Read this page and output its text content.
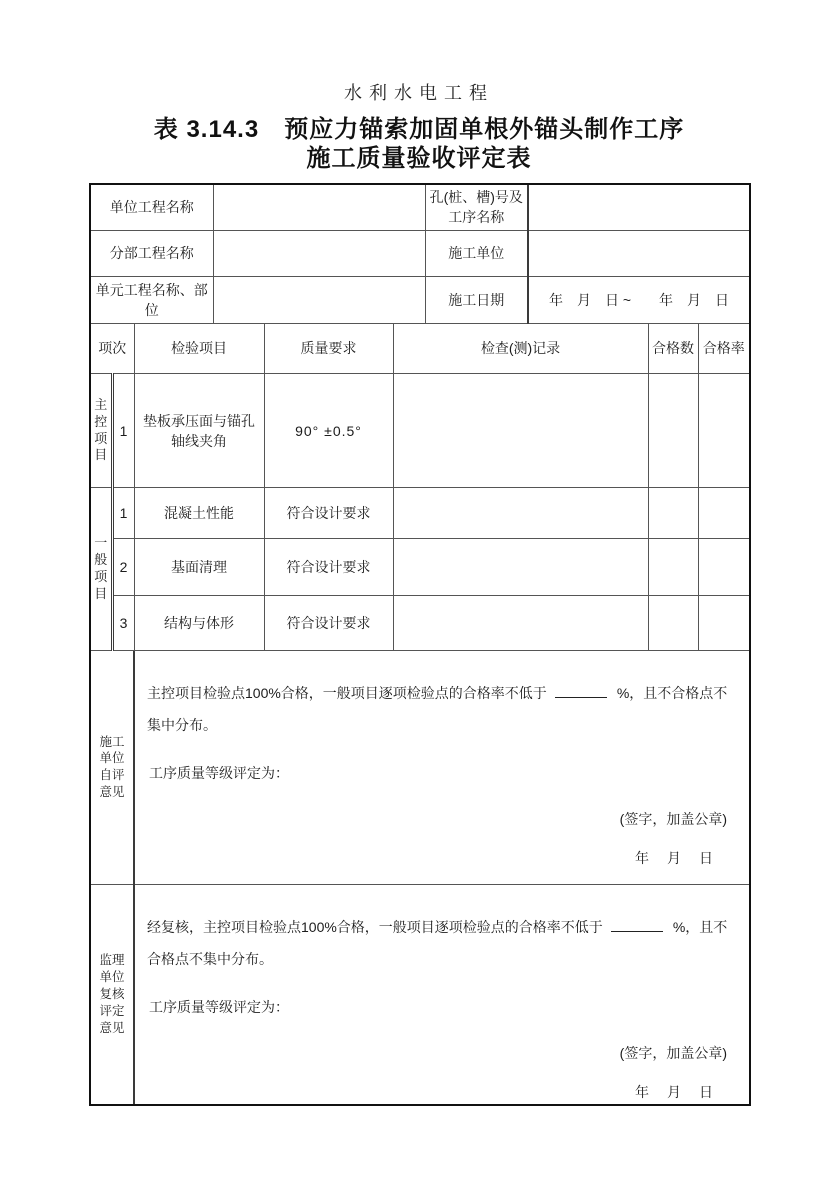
水利水电工程
表 3.14.3　预应力锚索加固单根外锚头制作工序
施工质量验收评定表
单位工程名称		孔(桩、槽)号及工序名称	
分部工程名称		施工单位	
单元工程名称、部位		施工日期	年　月　日 ~　　年　月　日
项次		检验项目	质量要求	检查(测)记录	合格数	合格率
主控项目	1	垫板承压面与锚孔轴线夹角	90° ±0.5°			
一般项目	1	混凝土性能	符合设计要求			
	2	基面清理	符合设计要求			
	3	结构与体形	符合设计要求			
施工单位自评意见	主控项目检验点100%合格，一般项目逐项检验点的合格率不低于 %，且不合格点不集中分布。

工序质量等级评定为：

(签字，加盖公章)
年　月　日

监理单位复核评定意见	经复核，主控项目检验点100%合格，一般项目逐项检验点的合格率不低于 %，且不合格点不集中分布。

工序质量等级评定为：

(签字，加盖公章)
年　月　日
